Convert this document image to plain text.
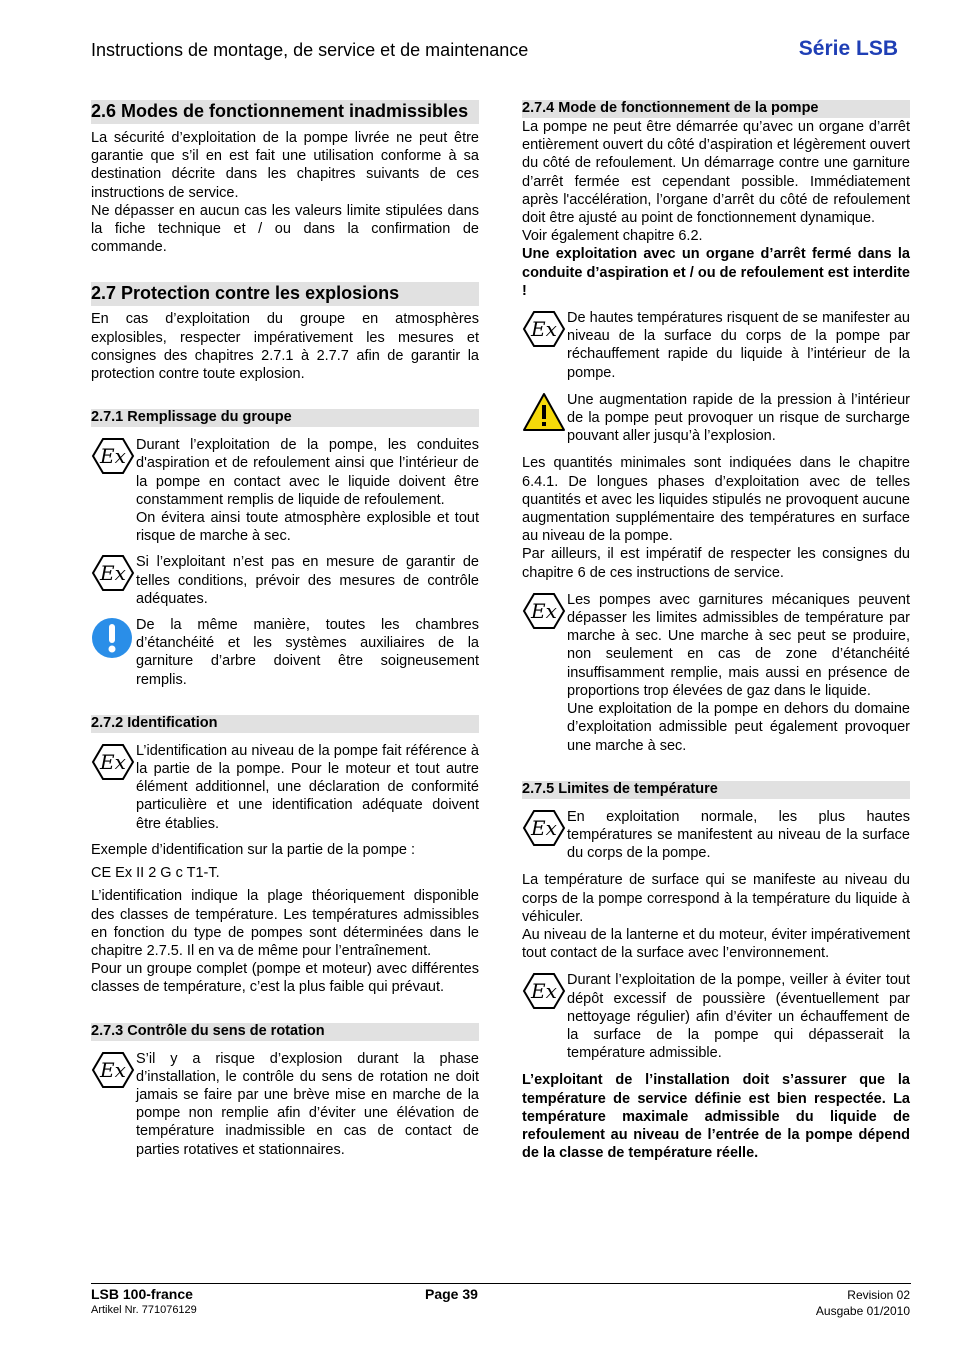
Instructions de montage, de service et de maintenance	Série LSB
2.6 Modes de fonctionnement inadmissibles

La sécurité d’exploitation de la pompe livrée ne peut être garantie que s’il en est fait une utilisation conforme à sa destination décrite dans les chapitres suivants de ces instructions de service.

Ne dépasser en aucun cas les valeurs limite stipulées dans la fiche technique et / ou dans la confirmation de commande.

2.7 Protection contre les explosions

En cas d’exploitation du groupe en atmosphères explosibles, respecter impérativement les mesures et consignes des chapitres 2.7.1 à 2.7.7 afin de garantir la protection contre toute explosion.

2.7.1 Remplissage du groupe
Ex Durant l’exploitation de la pompe, les conduites d'aspiration et de refoulement ainsi que l’intérieur de la pompe en contact avec le liquide doivent être constamment remplis de liquide de refoulement.

On évitera ainsi toute atmosphère explosible et tout risque de marche à sec.

Ex Si l’exploitant n’est pas en mesure de garantir de telles conditions, prévoir des mesures de contrôle adéquates.

De la même manière, toutes les chambres d’étanchéité et les systèmes auxiliaires de la garniture d’arbre doivent être soigneusement remplis.

2.7.2 Identification
Ex L’identification au niveau de la pompe fait référence à la partie de la pompe. Pour le moteur et tout autre élément additionnel, une déclaration de conformité particulière et une identification adéquate doivent être établies.

Exemple d’identification sur la partie de la pompe :

CE Ex II 2 G c T1-T.

L’identification indique la plage théoriquement disponible des classes de température. Les températures admissibles en fonction du type de pompes sont déterminées dans le chapitre 2.7.5. Il en va de même pour l’entraînement.

Pour un groupe complet (pompe et moteur) avec différentes classes de température, c’est la plus faible qui prévaut.

2.7.3 Contrôle du sens de rotation
Ex S’il y a risque d’explosion durant la phase d’installation, le contrôle du sens de rotation ne doit jamais se faire par une brève mise en marche de la pompe non remplie afin d’éviter une élévation de température inadmissible en cas de contact de parties rotatives et stationnaires.

2.7.4 Mode de fonctionnement de la pompe

La pompe ne peut être démarrée qu’avec un organe d’arrêt entièrement ouvert du côté d’aspiration et légèrement ouvert du côté de refoulement. Un démarrage contre une garniture d’arrêt fermée est cependant possible. Immédiatement après l'accélération, l’organe d’arrêt du côté de refoulement doit être ajusté au point de fonctionnement dynamique.

Voir également chapitre 6.2.

Une exploitation avec un organe d’arrêt fermé dans la conduite d’aspiration et / ou de refoulement est interdite !

Ex De hautes températures risquent de se manifester au niveau de la surface du corps de la pompe par réchauffement rapide du liquide à l’intérieur de la pompe.

Une augmentation rapide de la pression à l’intérieur de la pompe peut provoquer un risque de surcharge pouvant aller jusqu’à l’explosion.

Les quantités minimales sont indiquées dans le chapitre 6.4.1. De longues phases d’exploitation avec de telles quantités et avec les liquides stipulés ne provoquent aucune augmentation supplémentaire des températures en surface au niveau de la pompe.

Par ailleurs, il est impératif de respecter les consignes du chapitre 6 de ces instructions de service.

Ex Les pompes avec garnitures mécaniques peuvent dépasser les limites admissibles de température par marche à sec. Une marche à sec peut se produire, non seulement en cas de zone d’étanchéité insuffisamment remplie, mais aussi en présence de proportions trop élevées de gaz dans le liquide.

Une exploitation de la pompe en dehors du domaine d’exploitation admissible peut également provoquer une marche à sec.

2.7.5 Limites de température
Ex En exploitation normale, les plus hautes températures se manifestent au niveau de la surface du corps de la pompe.

La température de surface qui se manifeste au niveau du corps de la pompe correspond à la température du liquide à véhiculer.

Au niveau de la lanterne et du moteur, éviter impérativement tout contact de la surface avec l’environnement.

Ex Durant l’exploitation de la pompe, veiller à éviter tout dépôt excessif de poussière (éventuellement par nettoyage régulier) afin d’éviter un échauffement de la surface de la pompe qui dépasserait la température admissible.

L’exploitant de l’installation doit s’assurer que la température de service définie est bien respectée. La température maximale admissible du liquide de refoulement au niveau de l’entrée de la pompe dépend de la classe de température réelle.

LSB 100-france
Artikel Nr. 771076129
Page 39	Revision 02
Ausgabe 01/2010
